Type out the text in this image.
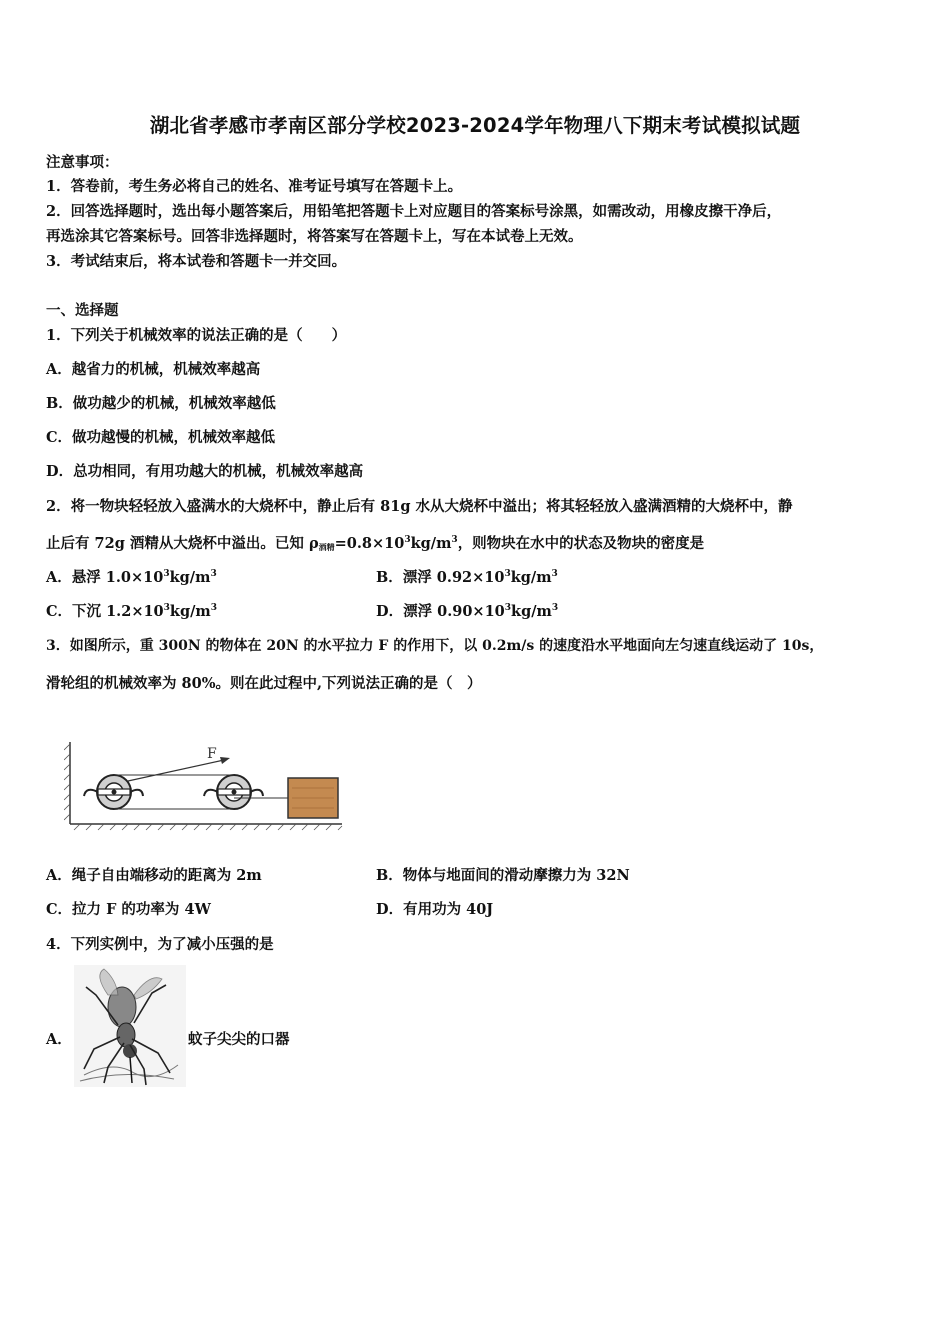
湖北省孝感市孝南区部分学校2023-2024学年物理八下期末考试模拟试题
注意事项：
1．答卷前，考生务必将自己的姓名、准考证号填写在答题卡上。
2．回答选择题时，选出每小题答案后，用铅笔把答题卡上对应题目的答案标号涂黑，如需改动，用橡皮擦干净后，
再选涂其它答案标号。回答非选择题时，将答案写在答题卡上，写在本试卷上无效。
3．考试结束后，将本试卷和答题卡一并交回。
一、选择题
1．下列关于机械效率的说法正确的是（　　）
A．越省力的机械，机械效率越高
B．做功越少的机械，机械效率越低
C．做功越慢的机械，机械效率越低
D．总功相同，有用功越大的机械，机械效率越高
2．将一物块轻轻放入盛满水的大烧杯中，静止后有 81g 水从大烧杯中溢出；将其轻轻放入盛满酒精的大烧杯中，静
止后有 72g 酒精从大烧杯中溢出。已知 $\rho_{酒精}=0.8\times 10^3kg/m^3$，则物块在水中的状态及物块的密度是
A．悬浮 $1.0\times 10^3kg/m^3$	B．漂浮 $0.92\times 10^3kg/m^3$
C．下沉 $1.2\times 10^3kg/m^3$	D．漂浮 $0.90\times 10^3kg/m^3$
3．如图所示，重 300N 的物体在 20N 的水平拉力 F 的作用下，以 0.2m/s 的速度沿水平地面向左匀速直线运动了 10s，
滑轮组的机械效率为 80%。则在此过程中,下列说法正确的是（　）
F
A．绳子自由端移动的距离为 2m	B．物体与地面间的滑动摩擦力为 32N
C．拉力 F 的功率为 4W	D．有用功为 40J
4．下列实例中，为了减小压强的是
A．	蚊子尖尖的口器
